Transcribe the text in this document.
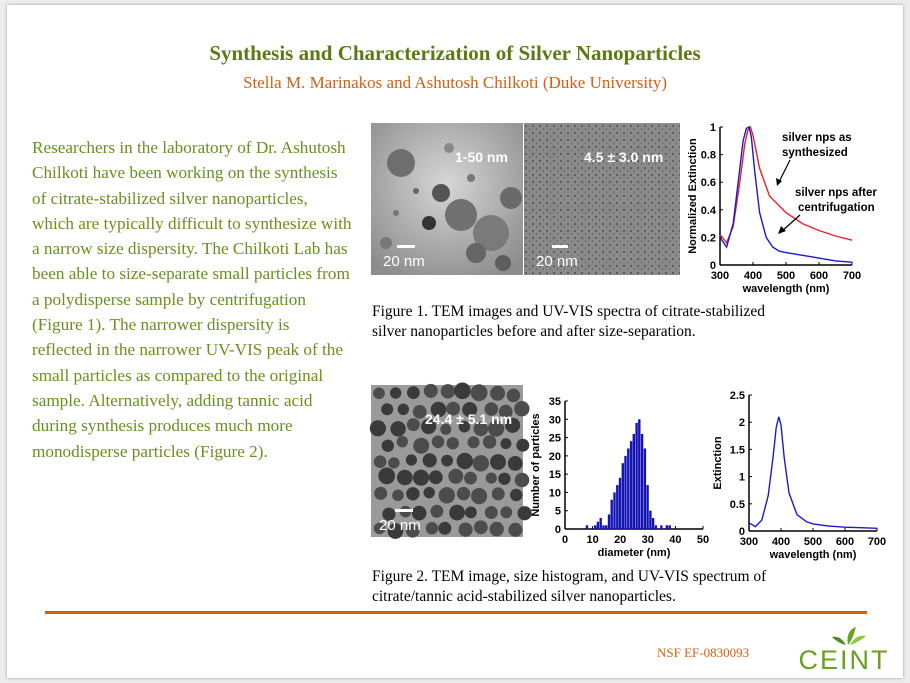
Synthesis and Characterization of Silver Nanoparticles
Stella M. Marinakos and Ashutosh Chilkoti (Duke University)

Researchers in the laboratory of Dr. Ashutosh Chilkoti have been working on the synthesis of citrate-stabilized silver nanoparticles, which are typically difficult to synthesize with a narrow size dispersity. The Chilkoti Lab has been able to size-separate small particles from a polydisperse sample by centrifugation (Figure 1). The narrower dispersity is reflected in the narrower UV-VIS peak of the small particles as compared to the original sample. Alternatively, adding tannic acid during synthesis produces much more monodisperse particles (Figure 2).

1-50 nm
20 nm
4.5 ± 3.0 nm
20 nm
300 400 500 600 700
0
0.2
0.4
0.6
0.8
1
wavelength (nm)
Normalized Extinction
silver nps as
synthesized
silver nps after
centrifugation
Figure 1. TEM images and UV-VIS spectra of citrate-stabilized
silver nanoparticles before and after size-separation.
24.4 ± 5.1 nm
20 nm
0 10 20 30 40 50
0
5
10
15
20
25
30
35
diameter (nm)
Number of particles
300 400 500 600 700
0
0.5
1
1.5
2
2.5
wavelength (nm)
Extinction
Figure 2. TEM image, size histogram, and UV-VIS spectrum of
citrate/tannic acid-stabilized silver nanoparticles.
NSF EF-0830093 CEINT
